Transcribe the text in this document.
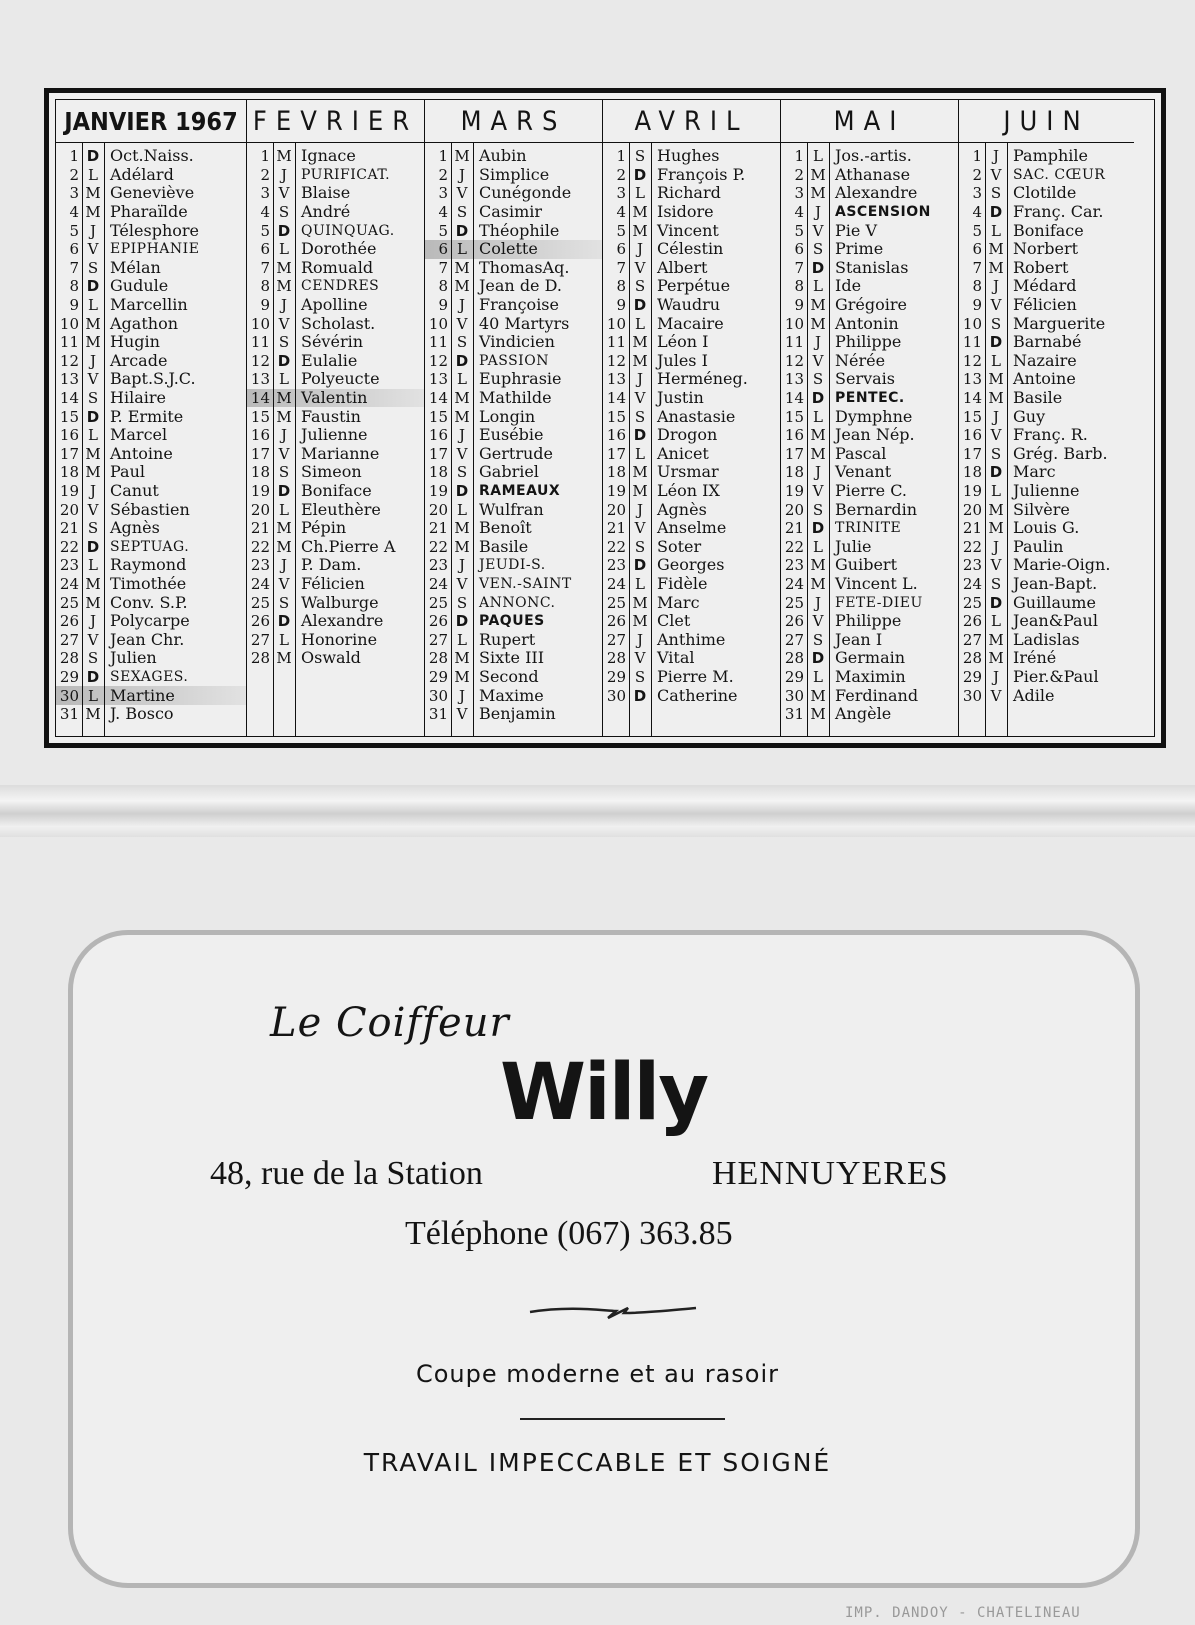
JANVIER 1967
1 D Oct.Naiss.
2 L Adélard
3 M Geneviève
4 M Pharaïlde
5 J Télesphore
6 V EPIPHANIE
7 S Mélan
8 D Gudule
9 L Marcellin
10 M Agathon
11 M Hugin
12 J Arcade
13 V Bapt.S.J.C.
14 S Hilaire
15 D P. Ermite
16 L Marcel
17 M Antoine
18 M Paul
19 J Canut
20 V Sébastien
21 S Agnès
22 D SEPTUAG.
23 L Raymond
24 M Timothée
25 M Conv. S.P.
26 J Polycarpe
27 V Jean Chr.
28 S Julien
29 D SEXAGES.
30 L Martine
31 M J. Bosco
FEVRIER
1 M Ignace
2 J	PURIFICAT.
3 V Blaise
4 S André
5 D QUINQUAG.
6 L Dorothée
7 M Romuald
8 M CENDRES
9 J Apolline
10 V Scholast.
11 S Sévérin
12 D Eulalie
13 L Polyeucte
14 M Valentin
15 M Faustin
16 J Julienne
17 V Marianne
18 S Simeon
19 D Boniface
20 L Eleuthère
21 M Pépin
22 M Ch.Pierre A
23 J P. Dam.
24 V Félicien
25 S Walburge
26 D Alexandre
27 L Honorine
28 M Oswald
MARS
1 M Aubin
2 J Simplice
3 V Cunégonde
4 S Casimir
5 D Théophile
6 L Colette
7 M ThomasAq.
8 M Jean de D.
9 J Françoise
10 V 40 Martyrs
11 S Vindicien
12 D PASSION
13 L Euphrasie
14 M Mathilde
15 M Longin
16 J Eusébie
17 V Gertrude
18 S Gabriel
19 D RAMEAUX
20 L Wulfran
21 M Benoît
22 M Basile
23 J	JEUDI-S.
24 V VEN.-SAINT
25 S ANNONC.
26 D PAQUES
27 L Rupert
28 M Sixte III
29 M Second
30 J Maxime
31 V Benjamin
AVRIL
1 S Hughes
2 D François P.
3 L Richard
4 M Isidore
5 M Vincent
6 J Célestin
7 V Albert
8 S Perpétue
9 D Waudru
10 L Macaire
11 M Léon I
12 M Jules I
13 J Herméneg.
14 V Justin
15 S Anastasie
16 D Drogon
17 L Anicet
18 M Ursmar
19 M Léon IX
20 J Agnès
21 V Anselme
22 S Soter
23 D Georges
24 L Fidèle
25 M Marc
26 M Clet
27 J Anthime
28 V Vital
29 S Pierre M.
30 D Catherine
MAI
1 L Jos.-artis.
2 M Athanase
3 M Alexandre
4 J	ASCENSION
5 V Pie V
6 S Prime
7 D Stanislas
8 L Ide
9 M Grégoire
10 M Antonin
11 J Philippe
12 V Nérée
13 S Servais
14 D PENTEC.
15 L Dymphne
16 M Jean Nép.
17 M Pascal
18 J Venant
19 V Pierre C.
20 S Bernardin
21 D TRINITE
22 L Julie
23 M Guibert
24 M Vincent L.
25 J	FETE-DIEU
26 V Philippe
27 S Jean I
28 D Germain
29 L Maximin
30 M Ferdinand
31 M Angèle
JUIN
1 J Pamphile
2 V SAC. CŒUR
3 S Clotilde
4 D Franç. Car.
5 L Boniface
6 M Norbert
7 M Robert
8 J Médard
9 V Félicien
10 S Marguerite
11 D Barnabé
12 L Nazaire
13 M Antoine
14 M Basile
15 J Guy
16 V Franç. R.
17 S Grég. Barb.
18 D Marc
19 L Julienne
20 M Silvère
21 M Louis G.
22 J Paulin
23 V Marie-Oign.
24 S Jean-Bapt.
25 D Guillaume
26 L Jean&Paul
27 M Ladislas
28 M Iréné
29 J Pier.&Paul
30 V Adile
Le Coiffeur
Willy
48, rue de la Station	HENNUYERES
Téléphone (067) 363.85
Coupe moderne et au rasoir
TRAVAIL IMPECCABLE ET SOIGNÉ
IMP. DANDOY - CHATELINEAU
